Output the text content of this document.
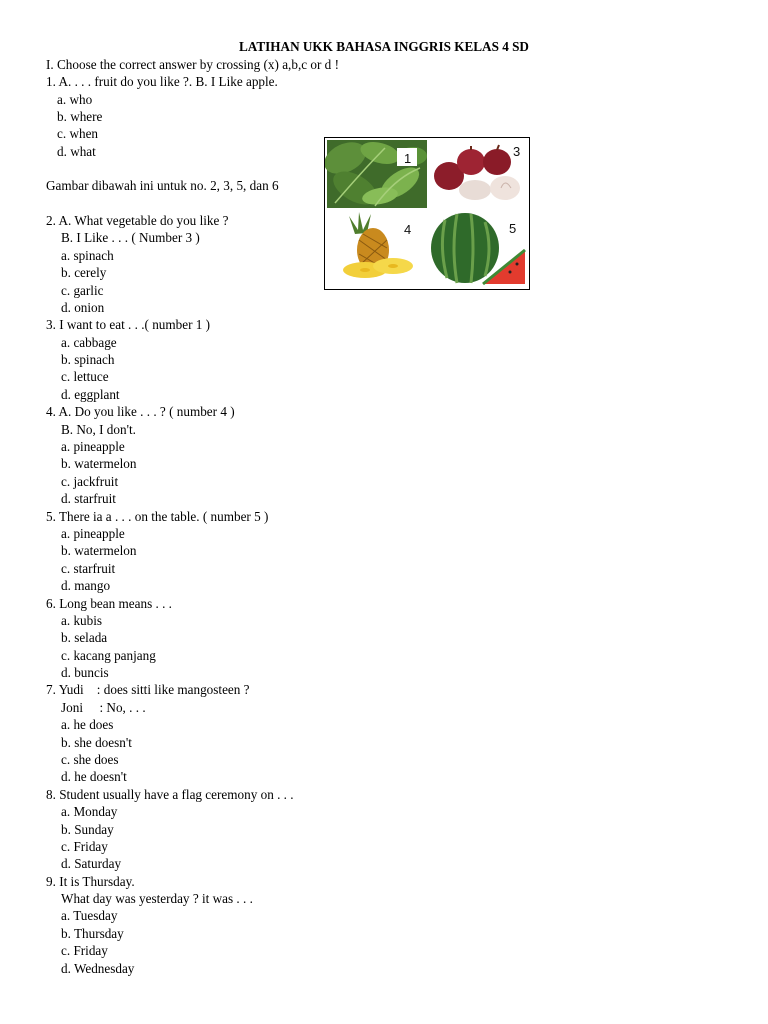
LATIHAN UKK BAHASA INGGRIS KELAS 4 SD
I. Choose the correct answer by crossing (x) a,b,c or d !
1. A. . . . fruit do you like ?. B. I Like apple.
a. who
b. where
c. when
d. what
Gambar dibawah ini untuk no. 2, 3, 5, dan 6
2. A. What vegetable do you like ?
B. I Like . . . ( Number 3 )
a. spinach
b. cerely
c. garlic
d. onion
3. I want to eat . . .( number 1 )
a. cabbage
b. spinach
c. lettuce
d. eggplant
4. A. Do you like . . . ? ( number 4 )
B. No, I don't.
a. pineapple
b. watermelon
c. jackfruit
d. starfruit
5. There ia a . . . on the table. ( number 5 )
a. pineapple
b. watermelon
c. starfruit
d. mango
6. Long bean means . . .
a. kubis
b. selada
c. kacang panjang
d. buncis
7. Yudi    : does sitti like mangosteen ?
Joni     : No, . . .
a. he does
b. she doesn't
c. she does
d. he doesn't
8. Student usually have a flag ceremony on . . .
a. Monday
b. Sunday
c. Friday
d. Saturday
9. It is Thursday.
What day was yesterday ? it was . . .
a. Tuesday
b. Thursday
c. Friday
d. Wednesday
1	3
4	5
